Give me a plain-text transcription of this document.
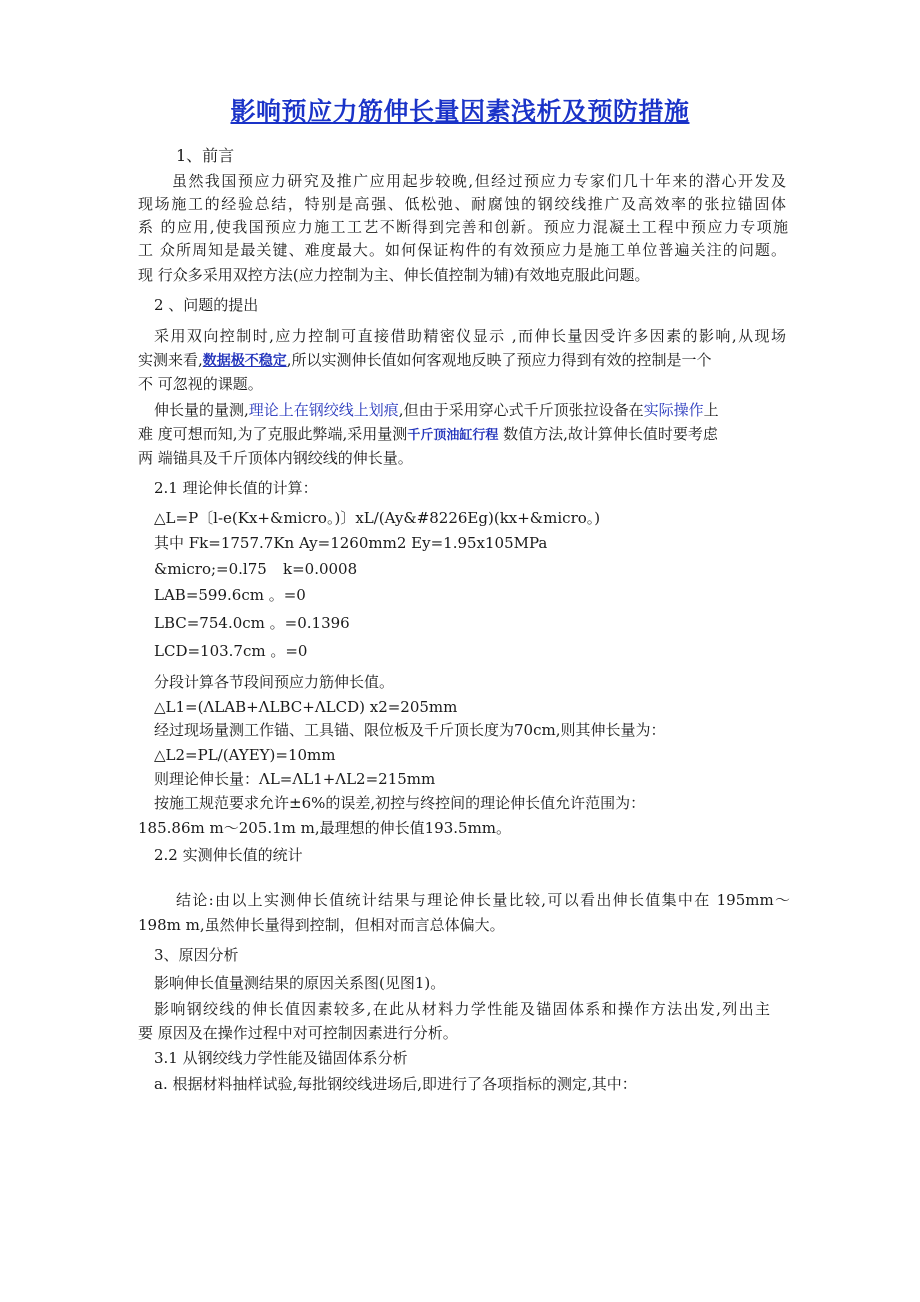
影响预应力筋伸长量因素浅析及预防措施
1、前言
虽然我国预应力研究及推广应用起步较晚,但经过预应力专家们几十年来的潜心开发及
现场施工的经验总结，特别是高强、低松弛、耐腐蚀的钢绞线推广及高效率的张拉锚固体
系 的应用,使我国预应力施工工艺不断得到完善和创新。预应力混凝土工程中预应力专项施
工 众所周知是最关键、难度最大。如何保证构件的有效预应力是施工单位普遍关注的问题。
现 行众多采用双控方法(应力控制为主、伸长值控制为辅)有效地克服此问题。
2 、问题的提出
采用双向控制时,应力控制可直接借助精密仪显示 ,而伸长量因受许多因素的影响,从现场
实测来看,数据极不稳定,所以实测伸长值如何客观地反映了预应力得到有效的控制是一个
不 可忽视的课题。
伸长量的量测,理论上在钢绞线上划痕,但由于采用穿心式千斤顶张拉设备在实际操作上
难 度可想而知,为了克服此弊端,采用量测千斤顶油缸行程 数值方法,故计算伸长值时要考虑
两 端锚具及千斤顶体内钢绞线的伸长量。
2.1 理论伸长值的计算：
△L=P〔l-e(Kx+&micro。)〕xL/(Ay&#8226Eg)(kx+&micro。)
其中 Fk=1757.7Kn Ay=1260mm2 Ey=1.95x105MPa
&micro;=0.l75 k=0.0008
LAB=599.6cm 。=0
LBC=754.0cm 。=0.1396
LCD=103.7cm 。=0
分段计算各节段间预应力筋伸长值。
△L1=(ΛLAB+ΛLBC+ΛLCD) x2=205mm
经过现场量测工作锚、工具锚、限位板及千斤顶长度为70cm,则其伸长量为：
△L2=PL/(AYEY)=10mm
则理论伸长量：ΛL=ΛL1+ΛL2=215mm
按施工规范要求允许±6%的误差,初控与终控间的理论伸长值允许范围为：
185.86m m〜205.1m m,最理想的伸长值193.5mm。
2.2 实测伸长值的统计
结论:由以上实测伸长值统计结果与理论伸长量比较,可以看出伸长值集中在 195mm〜
198m m,虽然伸长量得到控制，但相对而言总体偏大。
3、原因分析
影响伸长值量测结果的原因关系图(见图1)。
影响钢绞线的伸长值因素较多,在此从材料力学性能及锚固体系和操作方法出发,列出主
要 原因及在操作过程中对可控制因素进行分析。
3.1 从钢绞线力学性能及锚固体系分析
a. 根据材料抽样试验,每批钢绞线进场后,即进行了各项指标的测定,其中：
